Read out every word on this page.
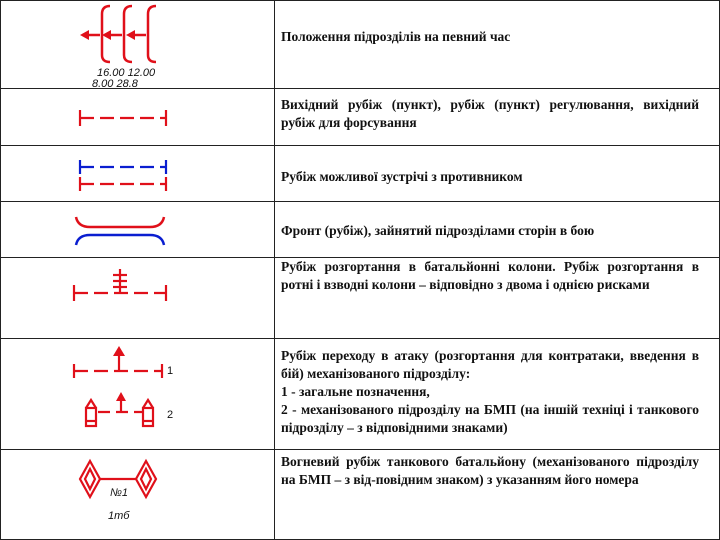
16.00 12.00
8.00 28.8
Положення підрозділів на певний час
Вихідний рубіж (пункт), рубіж (пункт) регулювання, вихідний рубіж для форсування
Рубіж можливої зустрічі з противником
Фронт (рубіж), зайнятий підрозділами сторін в бою
Рубіж розгортання в батальйонні колони. Рубіж розгортання в ротні і взводні колони – відповідно з двома і однією рисками
1
2
Рубіж переходу в атаку (розгортання для контратаки, введення в бій) механізованого підрозділу:
1 - загальне позначення,
2 - механізованого підрозділу на БМП (на іншій техніці і танкового підрозділу – з відповідними знаками)
№1
1тб
Вогневий рубіж танкового батальйону (механізованого підрозділу на БМП – з від-повідним знаком) з указанням його номера
